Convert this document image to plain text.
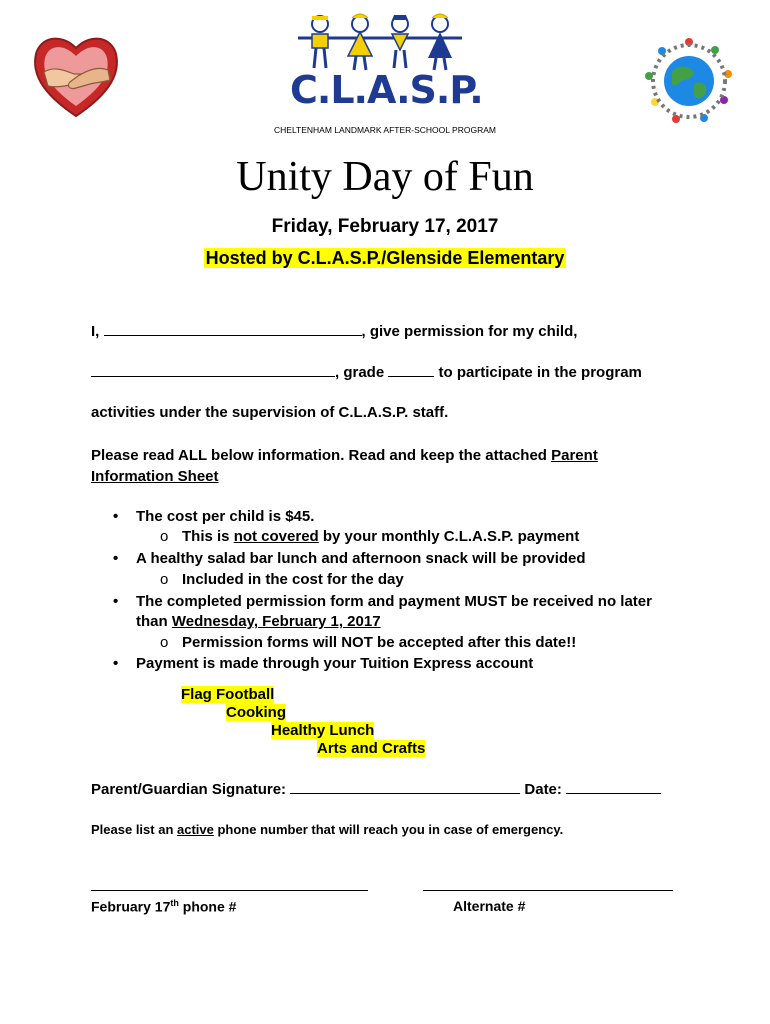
C.L.A.S.P.
CHELTENHAM LANDMARK AFTER-SCHOOL PROGRAM
Unity Day of Fun
Friday, February 17, 2017
Hosted by C.L.A.S.P./Glenside Elementary
I,	, give permission for my child,
, grade	to participate in the program
activities under the supervision of C.L.A.S.P. staff.
Please read ALL below information. Read and keep the attached Parent Information Sheet
• The cost per child is $45.
o This is not covered by your monthly C.L.A.S.P. payment
• A healthy salad bar lunch and afternoon snack will be provided
o Included in the cost for the day
• The completed permission form and payment MUST be received no later
than Wednesday, February 1, 2017
o Permission forms will NOT be accepted after this date!!
• Payment is made through your Tuition Express account
Flag Football
Cooking
Healthy Lunch
Arts and Crafts
Parent/Guardian Signature:	Date:
Please list an active phone number that will reach you in case of emergency.
February 17th phone #	Alternate #
